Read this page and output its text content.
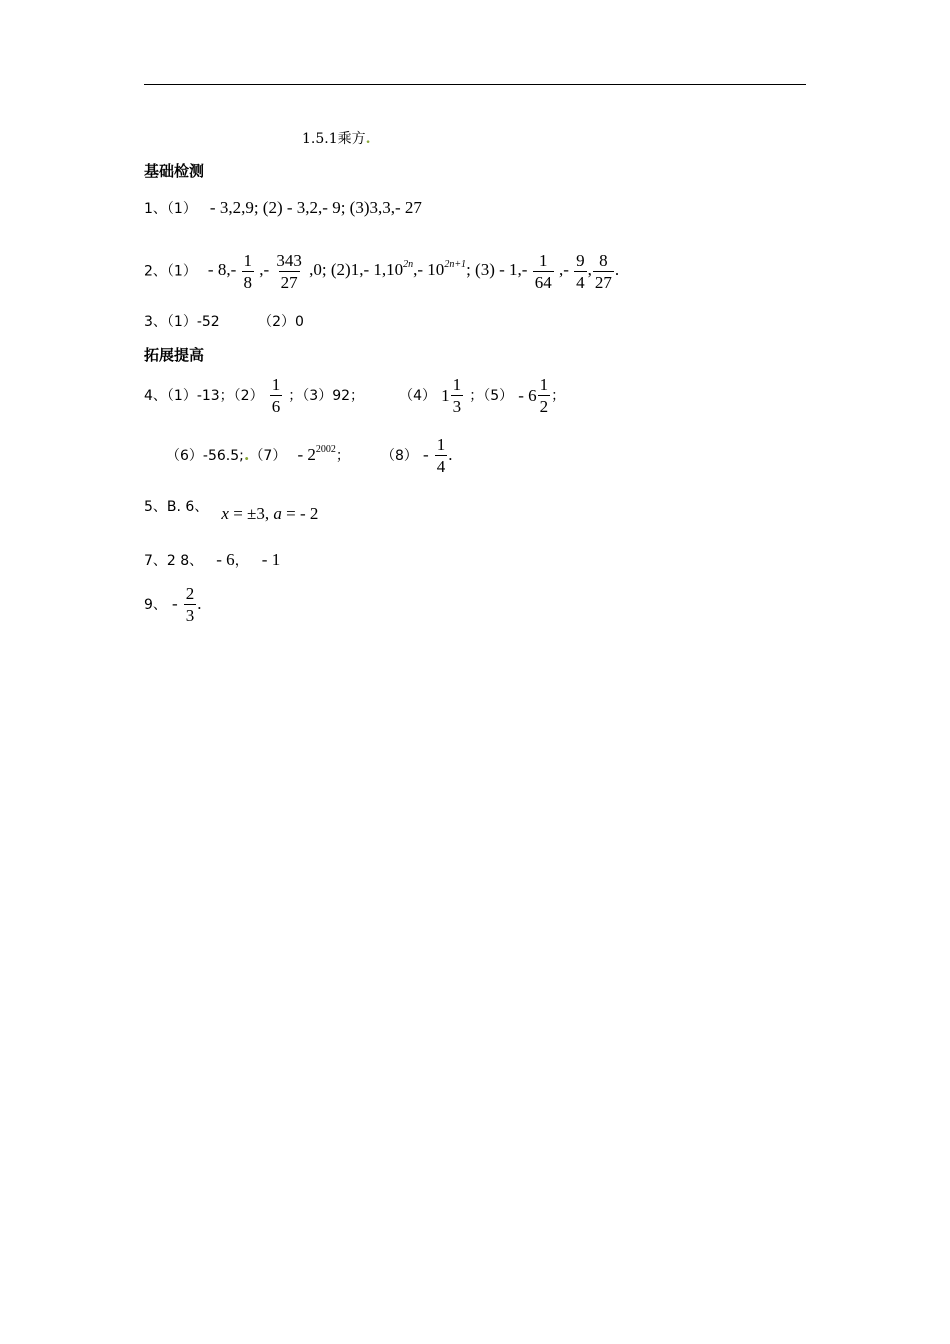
1.5.1乘方.
基础检测
1、（1） - 3,2,9; (2) - 3,2,- 9; (3)3,3,- 27
2、$(1) - 8,- \frac{1}{8}$ ,- $\frac{343}{27} ,0$; (2)1,- $1,10^{2n},-$ $10^{2n+1}$; $(3) - 1,- \frac{1}{64}$ ,- $\frac{9}{4}$ , $\frac{8}{27}$ .
3、（1）-52	（2）0
拓展提高
4、（1）-13；$(2) \frac{1}{6}$ ；（3）92；	（4） $1 \frac{1}{3}$ ；$(5) - 6 \frac{1}{2}$ ；
（6）-56.5;.（7） - $2^{2002}$； $(8) - \frac{1}{4}$ .
5、B. 6、 x = ±3, a = - 2
7、2 8、 - 6， - 1
9、 - $\frac{2}{3}$ .
